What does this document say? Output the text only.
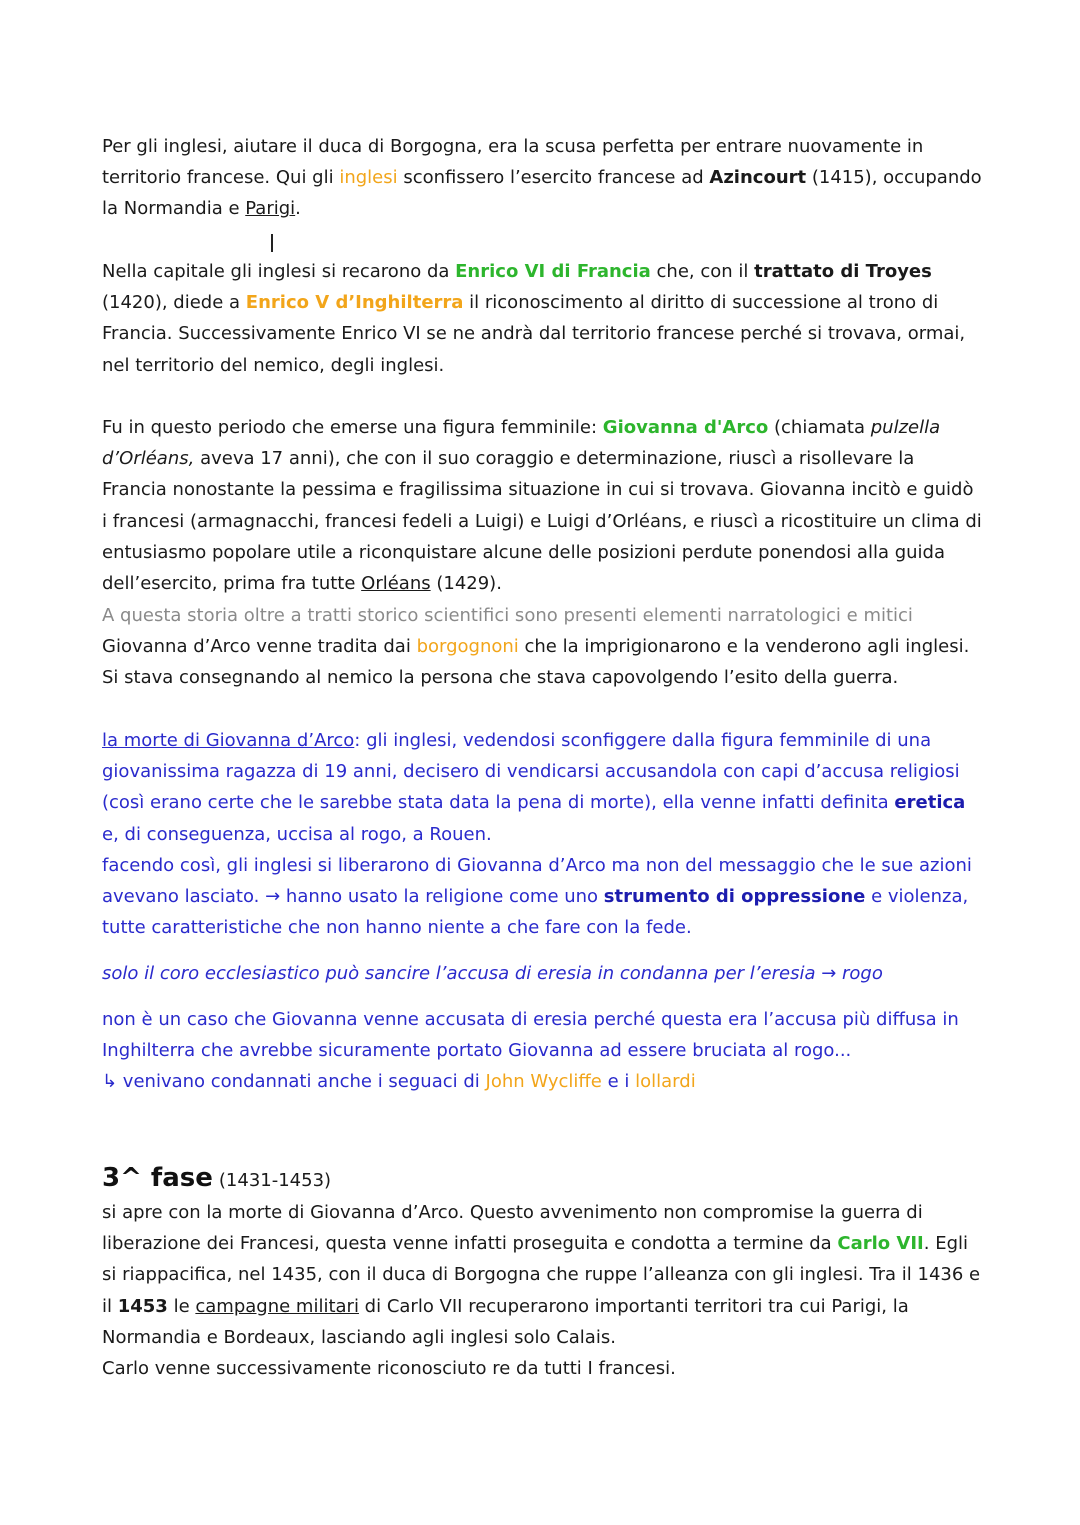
Per gli inglesi, aiutare il duca di Borgogna, era la scusa perfetta per entrare nuovamente in territorio francese. Qui gli inglesi sconfissero l’esercito francese ad Azincourt (1415), occupando la Normandia e Parigi.
Nella capitale gli inglesi si recarono da Enrico VI di Francia che, con il trattato di Troyes (1420), diede a Enrico V d’Inghilterra il riconoscimento al diritto di successione al trono di Francia. Successivamente Enrico VI se ne andrà dal territorio francese perché si trovava, ormai, nel territorio del nemico, degli inglesi.
Fu in questo periodo che emerse una figura femminile: Giovanna d'Arco (chiamata pulzella d’Orléans, aveva 17 anni), che con il suo coraggio e determinazione, riuscì a risollevare la Francia nonostante la pessima e fragilissima situazione in cui si trovava. Giovanna incitò e guidò i francesi (armagnacchi, francesi fedeli a Luigi) e Luigi d’Orléans, e riuscì a ricostituire un clima di entusiasmo popolare utile a riconquistare alcune delle posizioni perdute ponendosi alla guida dell’esercito, prima fra tutte Orléans (1429).
A questa storia oltre a tratti storico scientifici sono presenti elementi narratologici e mitici
Giovanna d’Arco venne tradita dai borgognoni che la imprigionarono e la venderono agli inglesi.
Si stava consegnando al nemico la persona che stava capovolgendo l’esito della guerra.
la morte di Giovanna d’Arco: gli inglesi, vedendosi sconfiggere dalla figura femminile di una giovanissima ragazza di 19 anni, decisero di vendicarsi accusandola con capi d’accusa religiosi (così erano certe che le sarebbe stata data la pena di morte), ella venne infatti definita eretica e, di conseguenza, uccisa al rogo, a Rouen.
facendo così, gli inglesi si liberarono di Giovanna d’Arco ma non del messaggio che le sue azioni avevano lasciato. → hanno usato la religione come uno strumento di oppressione e violenza, tutte caratteristiche che non hanno niente a che fare con la fede.
solo il coro ecclesiastico può sancire l’accusa di eresia in condanna per l’eresia → rogo
non è un caso che Giovanna venne accusata di eresia perché questa era l’accusa più diffusa in Inghilterra che avrebbe sicuramente portato Giovanna ad essere bruciata al rogo...
↳ venivano condannati anche i seguaci di John Wycliffe e i lollardi
3^ fase (1431-1453)
si apre con la morte di Giovanna d’Arco. Questo avvenimento non compromise la guerra di liberazione dei Francesi, questa venne infatti proseguita e condotta a termine da Carlo VII. Egli si riappacifica, nel 1435, con il duca di Borgogna che ruppe l’alleanza con gli inglesi. Tra il 1436 e il 1453 le campagne militari di Carlo VII recuperarono importanti territori tra cui Parigi, la Normandia e Bordeaux, lasciando agli inglesi solo Calais.
Carlo venne successivamente riconosciuto re da tutti I francesi.
